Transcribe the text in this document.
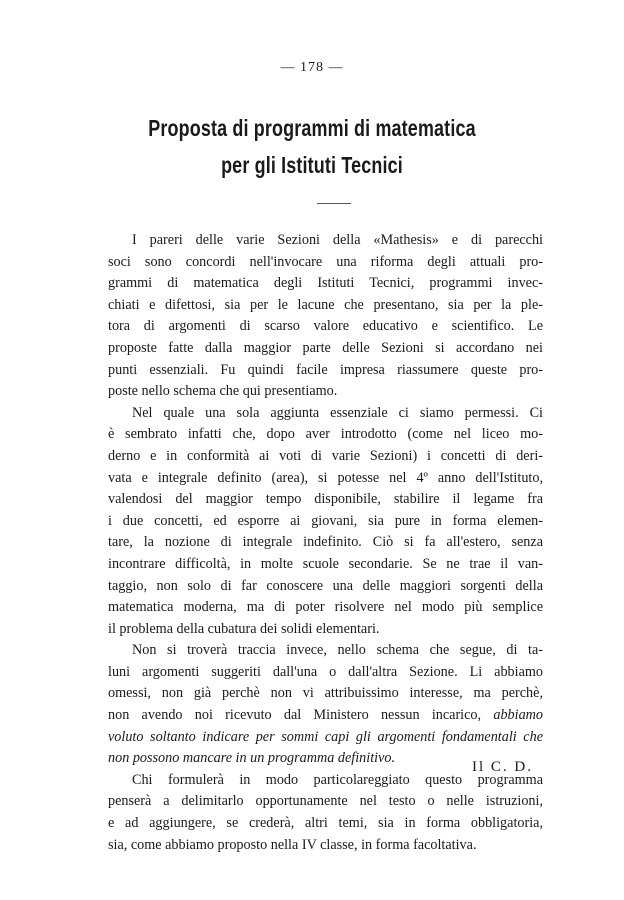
— 178 —
Proposta di programmi di matematica
per gli Istituti Tecnici
I pareri delle varie Sezioni della «Mathesis» e di parecchi
soci sono concordi nell'invocare una riforma degli attuali pro-
grammi di matematica degli Istituti Tecnici, programmi invec-
chiati e difettosi, sia per le lacune che presentano, sia per la ple-
tora di argomenti di scarso valore educativo e scientifico. Le
proposte fatte dalla maggior parte delle Sezioni si accordano nei
punti essenziali. Fu quindi facile impresa riassumere queste pro-
poste nello schema che qui presentiamo.
Nel quale una sola aggiunta essenziale ci siamo permessi. Ci
è sembrato infatti che, dopo aver introdotto (come nel liceo mo-
derno e in conformità ai voti di varie Sezioni) i concetti di deri-
vata e integrale definito (area), si potesse nel 4º anno dell'Istituto,
valendosi del maggior tempo disponibile, stabilire il legame fra
i due concetti, ed esporre ai giovani, sia pure in forma elemen-
tare, la nozione di integrale indefinito. Ciò si fa all'estero, senza
incontrare difficoltà, in molte scuole secondarie. Se ne trae il van-
taggio, non solo di far conoscere una delle maggiori sorgenti della
matematica moderna, ma di poter risolvere nel modo più semplice
il problema della cubatura dei solidi elementari.
Non si troverà traccia invece, nello schema che segue, di ta-
luni argomenti suggeriti dall'una o dall'altra Sezione. Li abbiamo
omessi, non già perchè non vi attribuissimo interesse, ma perchè,
non avendo noi ricevuto dal Ministero nessun incarico, abbiamo
voluto soltanto indicare per sommi capi gli argomenti fondamentali che
non possono mancare in un programma definitivo.
Chi formulerà in modo particolareggiato questo programma
penserà a delimitarlo opportunamente nel testo o nelle istruzioni,
e ad aggiungere, se crederà, altri temi, sia in forma obbligatoria,
sia, come abbiamo proposto nella IV classe, in forma facoltativa.
Il C. D.
